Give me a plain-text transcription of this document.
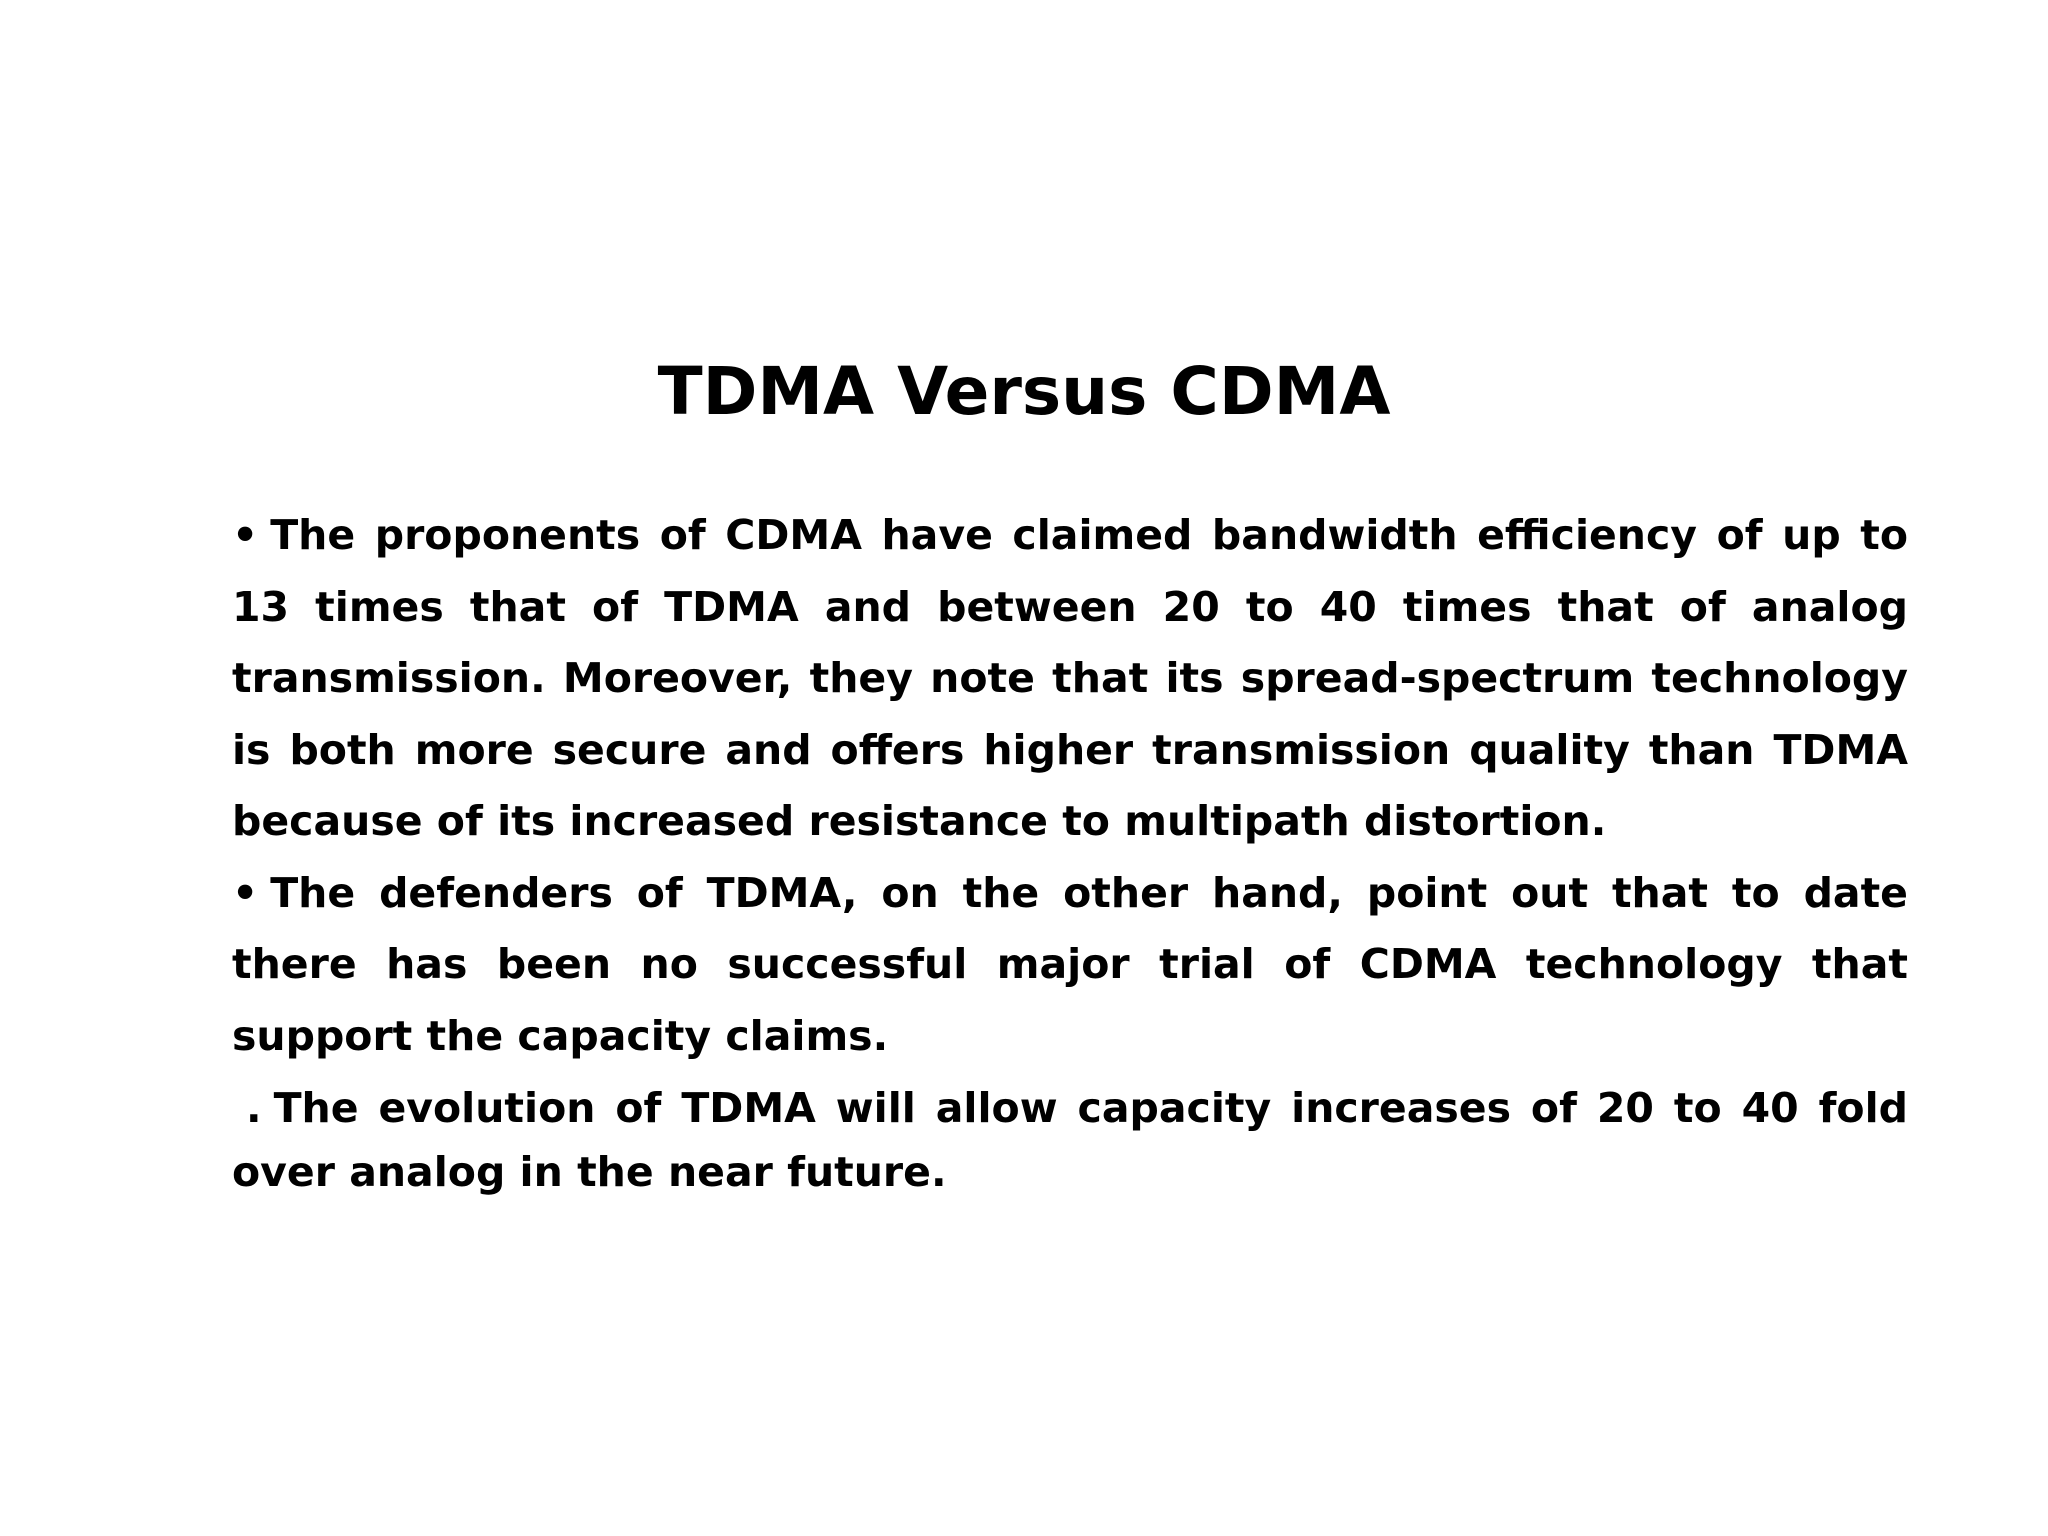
TDMA Versus CDMA

• The proponents of CDMA have claimed bandwidth efficiency of up to 13 times that of TDMA and between 20 to 40 times that of analog transmission. Moreover, they note that its spread-spectrum technology is both more secure and offers higher transmission quality than TDMA because of its increased resistance to multipath distortion.

• The defenders of TDMA, on the other hand, point out that to date there has been no successful major trial of CDMA technology that support the capacity claims.

. The evolution of TDMA will allow capacity increases of 20 to 40 fold over analog in the near future.
